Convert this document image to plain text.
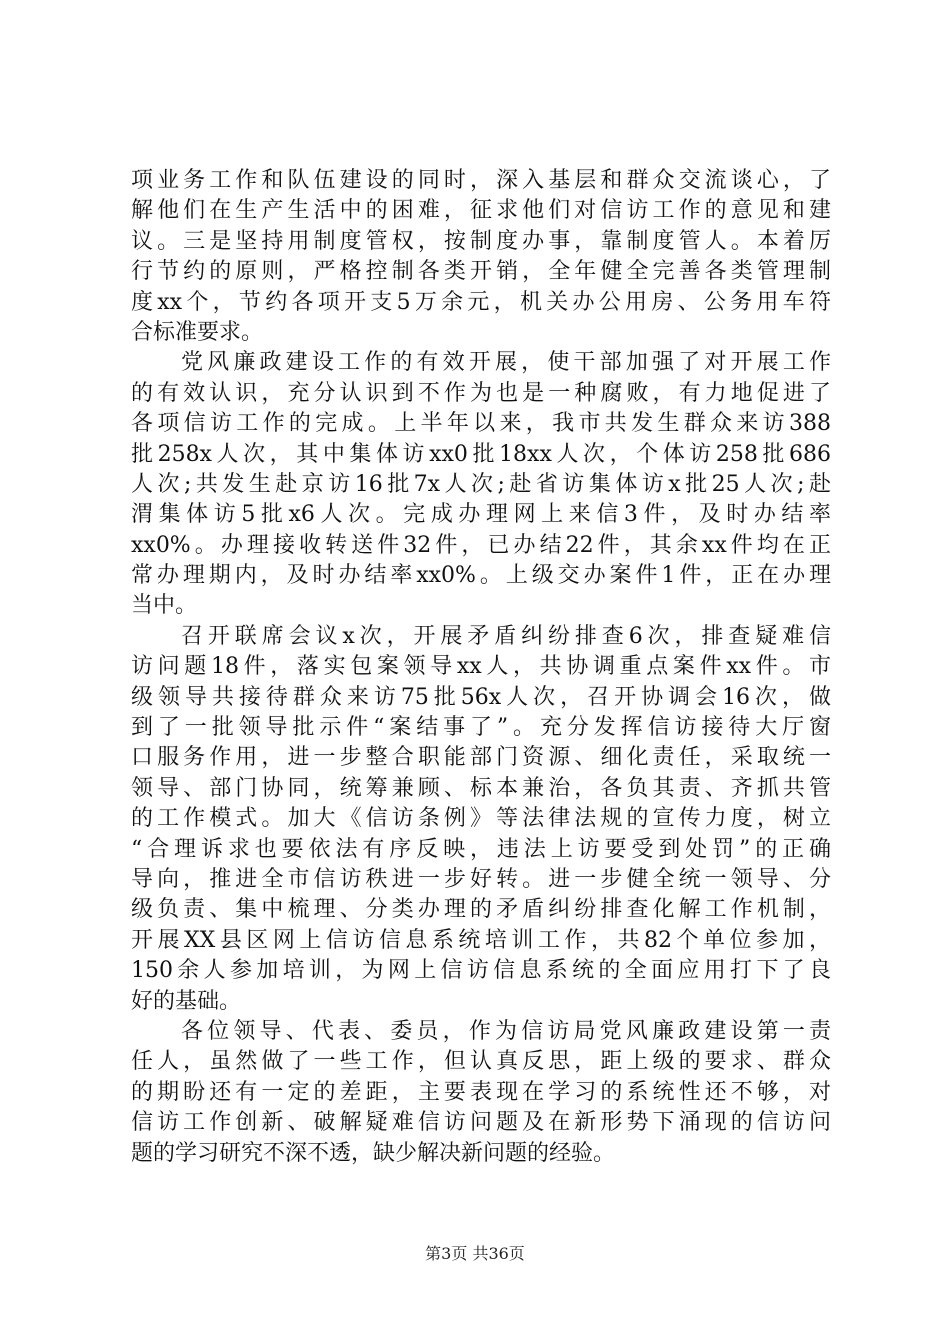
项业务工作和队伍建设的同时，深入基层和群众交流谈心，了
解他们在生产生活中的困难，征求他们对信访工作的意见和建
议。三是坚持用制度管权，按制度办事，靠制度管人。本着厉
行节约的原则，严格控制各类开销，全年健全完善各类管理制
度xx个，节约各项开支5万余元，机关办公用房、公务用车符
合标准要求。
党风廉政建设工作的有效开展，使干部加强了对开展工作
的有效认识，充分认识到不作为也是一种腐败，有力地促进了
各项信访工作的完成。上半年以来，我市共发生群众来访388
批258x人次，其中集体访xx0批18xx人次，个体访258批686
人次;共发生赴京访16批7x人次;赴省访集体访x批25人次;赴
渭集体访5批x6人次。完成办理网上来信3件，及时办结率
xx0%。办理接收转送件32件，已办结22件，其余xx件均在正
常办理期内，及时办结率xx0%。上级交办案件1件，正在办理
当中。
召开联席会议x次，开展矛盾纠纷排查6次，排查疑难信
访问题18件，落实包案领导xx人，共协调重点案件xx件。市
级领导共接待群众来访75批56x人次，召开协调会16次，做
到了一批领导批示件“案结事了”。充分发挥信访接待大厅窗
口服务作用，进一步整合职能部门资源、细化责任，采取统一
领导、部门协同，统筹兼顾、标本兼治，各负其责、齐抓共管
的工作模式。加大《信访条例》等法律法规的宣传力度，树立
“合理诉求也要依法有序反映，违法上访要受到处罚”的正确
导向，推进全市信访秩进一步好转。进一步健全统一领导、分
级负责、集中梳理、分类办理的矛盾纠纷排查化解工作机制，
开展XX县区网上信访信息系统培训工作，共82个单位参加，
150余人参加培训，为网上信访信息系统的全面应用打下了良
好的基础。
各位领导、代表、委员，作为信访局党风廉政建设第一责
任人，虽然做了一些工作，但认真反思，距上级的要求、群众
的期盼还有一定的差距，主要表现在学习的系统性还不够，对
信访工作创新、破解疑难信访问题及在新形势下涌现的信访问
题的学习研究不深不透，缺少解决新问题的经验。
第3页 共36页
